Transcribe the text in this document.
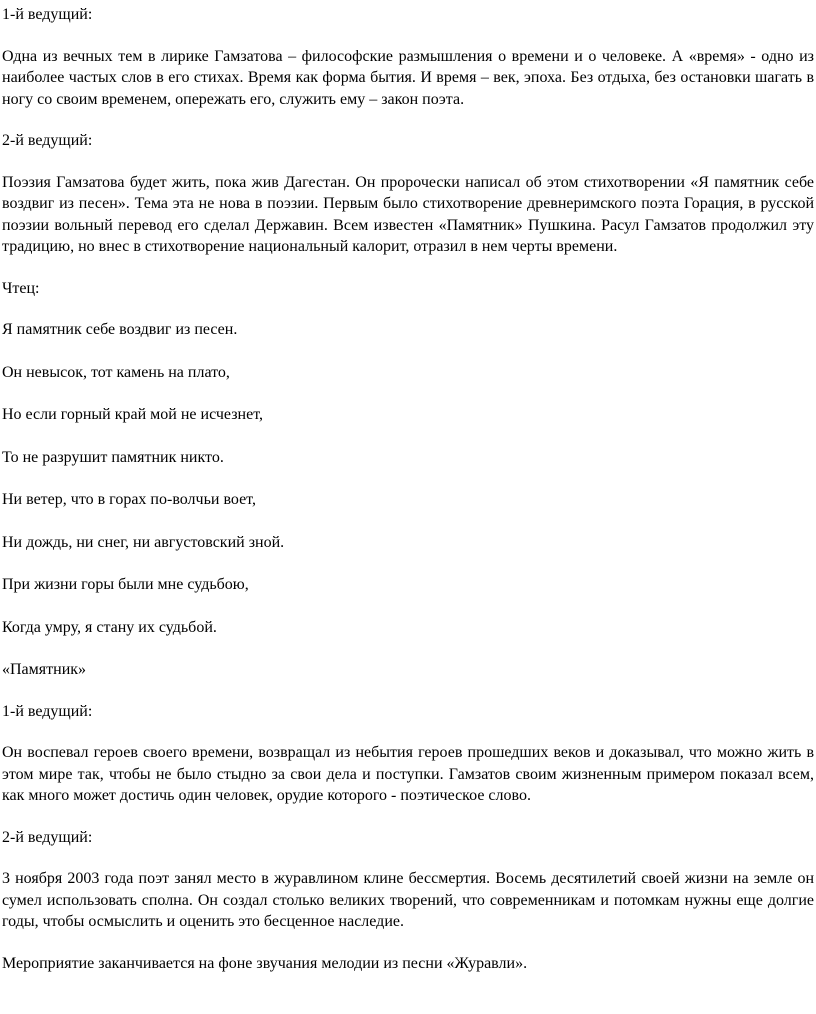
1-й ведущий:

Одна из вечных тем в лирике Гамзатова – философские размышления о времени и о человеке. А «время» - одно из наиболее частых слов в его стихах. Время как форма бытия. И время – век, эпоха. Без отдыха, без остановки шагать в ногу со своим временем, опережать его, служить ему – закон поэта.

2-й ведущий:

Поэзия Гамзатова будет жить, пока жив Дагестан. Он пророчески написал об этом стихотворении «Я памятник себе воздвиг из песен». Тема эта не нова в поэзии. Первым было стихотворение древнеримского поэта Горация, в русской поэзии вольный перевод его сделал Державин. Всем известен «Памятник» Пушкина. Расул Гамзатов продолжил эту традицию, но внес в стихотворение национальный калорит, отразил в нем черты времени.

Чтец:

Я памятник себе воздвиг из песен.

Он невысок, тот камень на плато,

Но если горный край мой не исчезнет,

То не разрушит памятник никто.

Ни ветер, что в горах по-волчьи воет,

Ни дождь, ни снег, ни августовский зной.

При жизни горы были мне судьбою,

Когда умру, я стану их судьбой.

«Памятник»

1-й ведущий:

Он воспевал героев своего времени, возвращал из небытия героев прошедших веков и доказывал, что можно жить в этом мире так, чтобы не было стыдно за свои дела и поступки. Гамзатов своим жизненным примером показал всем, как много может достичь один человек, орудие которого - поэтическое слово.

2-й ведущий:

3 ноября 2003 года поэт занял место в журавлином клине бессмертия. Восемь десятилетий своей жизни на земле он сумел использовать сполна. Он создал столько великих творений, что современникам и потомкам нужны еще долгие годы, чтобы осмыслить и оценить это бесценное наследие.

Мероприятие заканчивается на фоне звучания мелодии из песни «Журавли».
